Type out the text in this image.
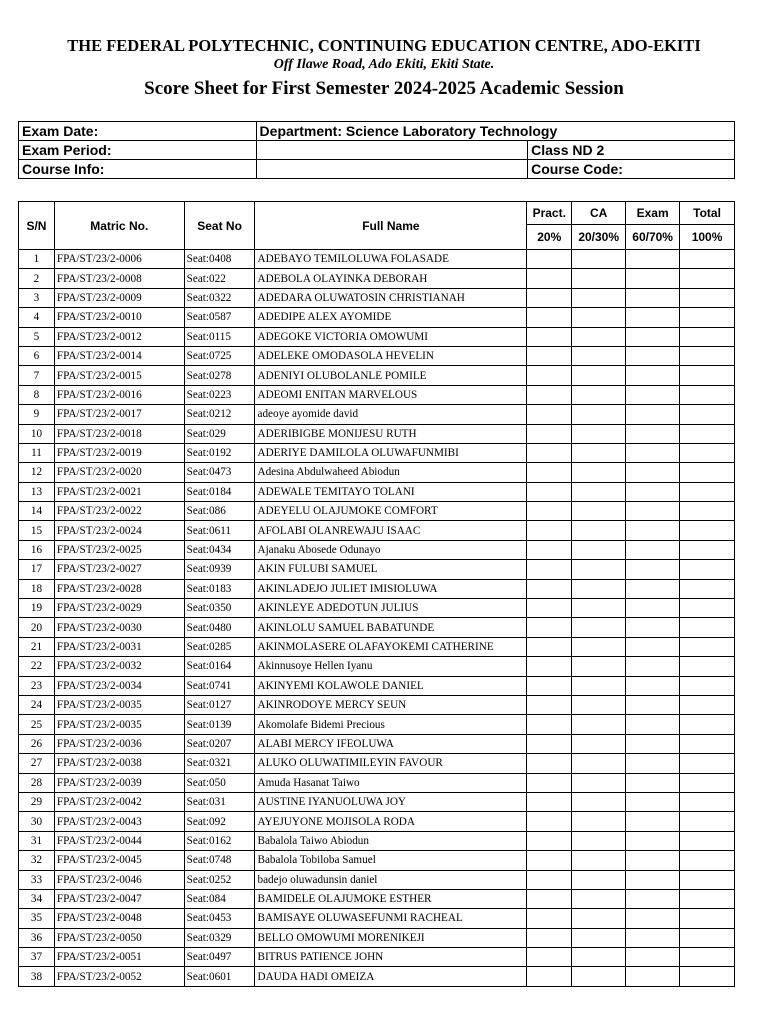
THE FEDERAL POLYTECHNIC, CONTINUING EDUCATION CENTRE, ADO-EKITI
Off Ilawe Road, Ado Ekiti, Ekiti State.
Score Sheet for First Semester 2024-2025 Academic Session
Exam Date:	Department: Science Laboratory Technology	
Exam Period:		Class ND 2
Course Info:		Course Code:
S/N	Matric No.	Seat No	Full Name	Pract.	CA	Exam	Total
				20%	20/30%	60/70%	100%
1	FPA/ST/23/2-0006	Seat:0408	ADEBAYO TEMILOLUWA FOLASADE				
2	FPA/ST/23/2-0008	Seat:022	ADEBOLA OLAYINKA DEBORAH				
3	FPA/ST/23/2-0009	Seat:0322	ADEDARA OLUWATOSIN CHRISTIANAH				
4	FPA/ST/23/2-0010	Seat:0587	ADEDIPE ALEX AYOMIDE				
5	FPA/ST/23/2-0012	Seat:0115	ADEGOKE VICTORIA OMOWUMI				
6	FPA/ST/23/2-0014	Seat:0725	ADELEKE OMODASOLA HEVELIN				
7	FPA/ST/23/2-0015	Seat:0278	ADENIYI OLUBOLANLE POMILE				
8	FPA/ST/23/2-0016	Seat:0223	ADEOMI ENITAN MARVELOUS				
9	FPA/ST/23/2-0017	Seat:0212	adeoye ayomide david				
10	FPA/ST/23/2-0018	Seat:029	ADERIBIGBE MONIJESU RUTH				
11	FPA/ST/23/2-0019	Seat:0192	ADERIYE DAMILOLA OLUWAFUNMIBI				
12	FPA/ST/23/2-0020	Seat:0473	Adesina Abdulwaheed Abiodun				
13	FPA/ST/23/2-0021	Seat:0184	ADEWALE TEMITAYO TOLANI				
14	FPA/ST/23/2-0022	Seat:086	ADEYELU OLAJUMOKE COMFORT				
15	FPA/ST/23/2-0024	Seat:0611	AFOLABI OLANREWAJU ISAAC				
16	FPA/ST/23/2-0025	Seat:0434	Ajanaku Abosede Odunayo				
17	FPA/ST/23/2-0027	Seat:0939	AKIN FULUBI SAMUEL				
18	FPA/ST/23/2-0028	Seat:0183	AKINLADEJO JULIET IMISIOLUWA				
19	FPA/ST/23/2-0029	Seat:0350	AKINLEYE ADEDOTUN JULIUS				
20	FPA/ST/23/2-0030	Seat:0480	AKINLOLU SAMUEL BABATUNDE				
21	FPA/ST/23/2-0031	Seat:0285	AKINMOLASERE OLAFAYOKEMI CATHERINE				
22	FPA/ST/23/2-0032	Seat:0164	Akinnusoye Hellen Iyanu				
23	FPA/ST/23/2-0034	Seat:0741	AKINYEMI KOLAWOLE DANIEL				
24	FPA/ST/23/2-0035	Seat:0127	AKINRODOYE MERCY SEUN				
25	FPA/ST/23/2-0035	Seat:0139	Akomolafe Bidemi Precious				
26	FPA/ST/23/2-0036	Seat:0207	ALABI MERCY IFEOLUWA				
27	FPA/ST/23/2-0038	Seat:0321	ALUKO OLUWATIMILEYIN FAVOUR				
28	FPA/ST/23/2-0039	Seat:050	Amuda Hasanat Taiwo				
29	FPA/ST/23/2-0042	Seat:031	AUSTINE IYANUOLUWA JOY				
30	FPA/ST/23/2-0043	Seat:092	AYEJUYONE MOJISOLA RODA				
31	FPA/ST/23/2-0044	Seat:0162	Babalola Taiwo Abiodun				
32	FPA/ST/23/2-0045	Seat:0748	Babalola Tobiloba Samuel				
33	FPA/ST/23/2-0046	Seat:0252	badejo oluwadunsin daniel				
34	FPA/ST/23/2-0047	Seat:084	BAMIDELE OLAJUMOKE ESTHER				
35	FPA/ST/23/2-0048	Seat:0453	BAMISAYE OLUWASEFUNMI RACHEAL				
36	FPA/ST/23/2-0050	Seat:0329	BELLO OMOWUMI MORENIKEJI				
37	FPA/ST/23/2-0051	Seat:0497	BITRUS PATIENCE JOHN				
38	FPA/ST/23/2-0052	Seat:0601	DAUDA HADI OMEIZA				
